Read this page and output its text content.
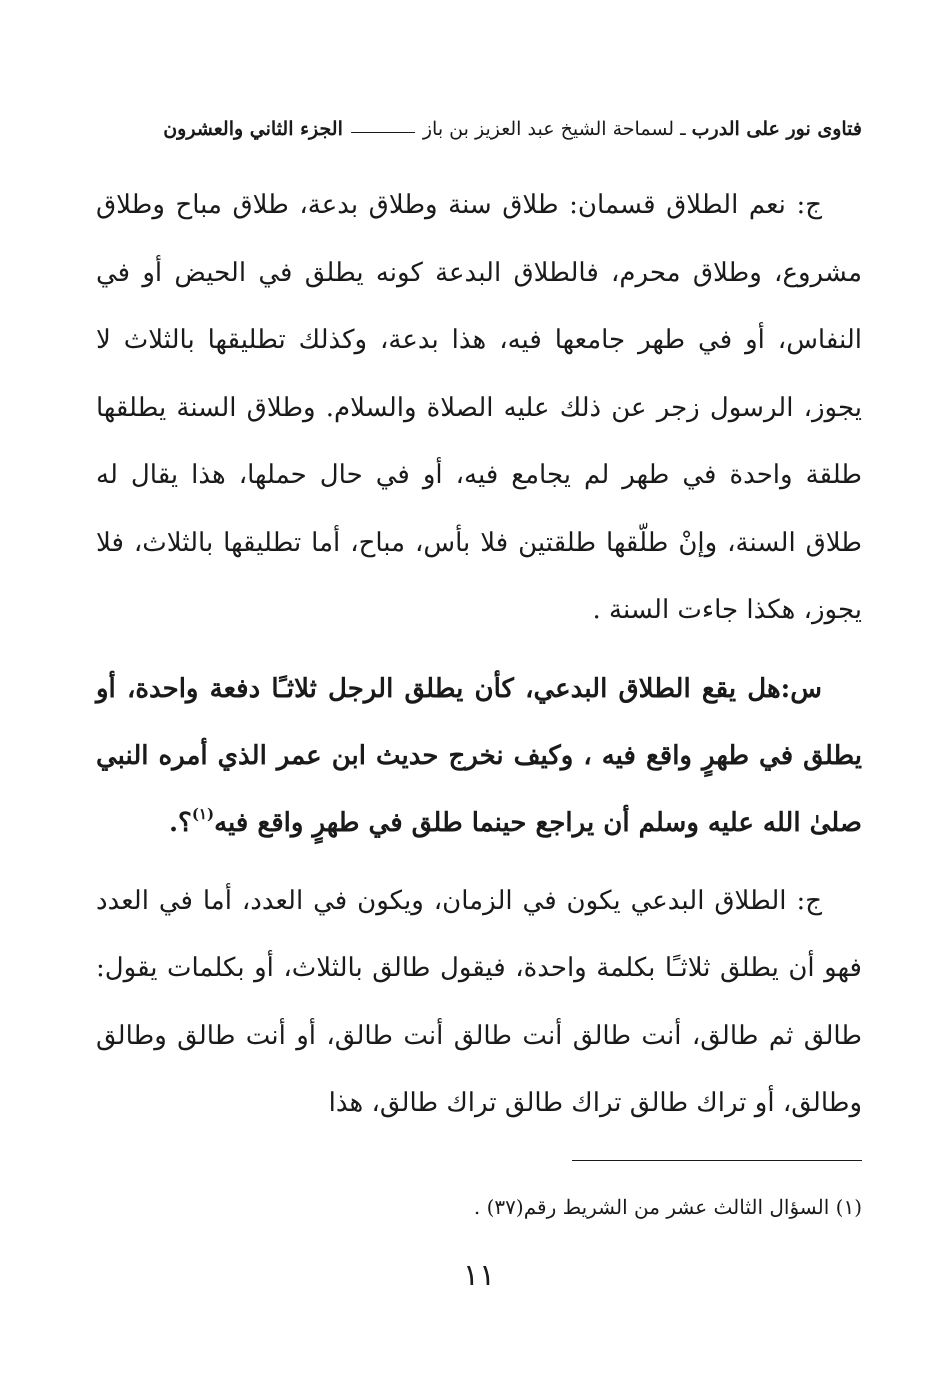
فتاوى نور على الدرب
ـ
لسماحة الشيخ عبد العزيز بن باز
الجزء الثاني والعشرون

ج: نعم الطلاق قسمان: طلاق سنة وطلاق بدعة، طلاق مباح وطلاق مشروع، وطلاق محرم، فالطلاق البدعة كونه يطلق في الحيض أو في النفاس، أو في طهر جامعها فيه، هذا بدعة، وكذلك تطليقها بالثلاث لا يجوز، الرسول زجر عن ذلك عليه الصلاة والسلام. وطلاق السنة يطلقها طلقة واحدة في طهر لم يجامع فيه، أو في حال حملها، هذا يقال له طلاق السنة، وإنْ طلّقها طلقتين فلا بأس، مباح، أما تطليقها بالثلاث، فلا يجوز، هكذا جاءت السنة .

س:هل يقع الطلاق البدعي، كأن يطلق الرجل ثلاثـًا دفعة واحدة، أو يطلق في طهرٍ واقع فيه ، وكيف نخرج حديث ابن عمر الذي أمره النبي صلىٰ الله عليه وسلم أن يراجع حينما طلق في طهرٍ واقع فيه$^{(١)}$؟.

ج: الطلاق البدعي يكون في الزمان، ويكون في العدد، أما في العدد فهو أن يطلق ثلاثـًا بكلمة واحدة، فيقول طالق بالثلاث، أو بكلمات يقول: طالق ثم طالق، أنت طالق أنت طالق أنت طالق، أو أنت طالق وطالق وطالق، أو تراك طالق تراك طالق تراك طالق، هذا

(١) السؤال الثالث عشر من الشريط رقم(٣٧) .
١١
